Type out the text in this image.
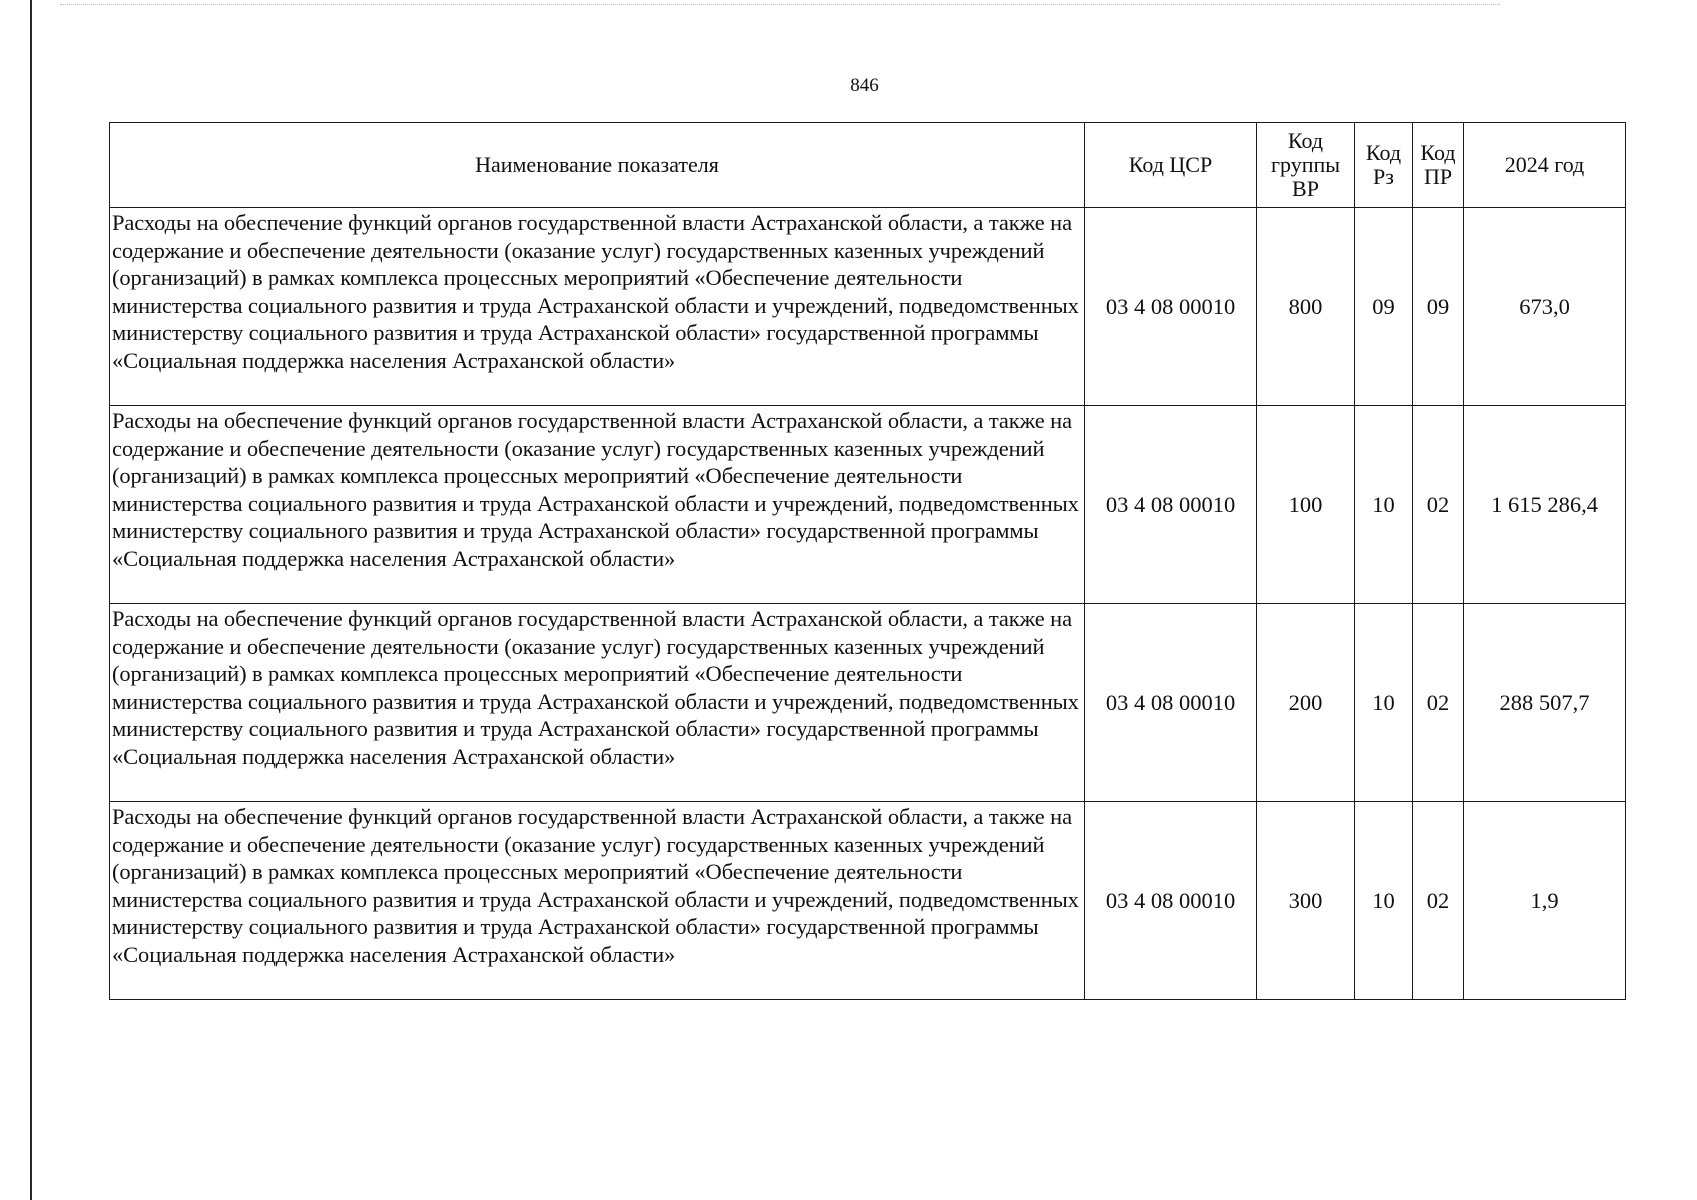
846
Наименование показателя	Код ЦСР	Код группы ВР	Код Рз	Код ПР	2024 год
Расходы на обеспечение функций органов государственной власти Астраханской области, а также на содержание и обеспечение деятельности (оказание услуг) государственных казенных учреждений (организаций) в рамках комплекса процессных мероприятий «Обеспечение деятельности министерства социального развития и труда Астраханской области и учреждений, подведомственных министерству социального развития и труда Астраханской области» государственной программы «Социальная поддержка населения Астраханской области»	03 4 08 00010	800	09	09	673,0
Расходы на обеспечение функций органов государственной власти Астраханской области, а также на содержание и обеспечение деятельности (оказание услуг) государственных казенных учреждений (организаций) в рамках комплекса процессных мероприятий «Обеспечение деятельности министерства социального развития и труда Астраханской области и учреждений, подведомственных министерству социального развития и труда Астраханской области» государственной программы «Социальная поддержка населения Астраханской области»	03 4 08 00010	100	10	02	1 615 286,4
Расходы на обеспечение функций органов государственной власти Астраханской области, а также на содержание и обеспечение деятельности (оказание услуг) государственных казенных учреждений (организаций) в рамках комплекса процессных мероприятий «Обеспечение деятельности министерства социального развития и труда Астраханской области и учреждений, подведомственных министерству социального развития и труда Астраханской области» государственной программы «Социальная поддержка населения Астраханской области»	03 4 08 00010	200	10	02	288 507,7
Расходы на обеспечение функций органов государственной власти Астраханской области, а также на содержание и обеспечение деятельности (оказание услуг) государственных казенных учреждений (организаций) в рамках комплекса процессных мероприятий «Обеспечение деятельности министерства социального развития и труда Астраханской области и учреждений, подведомственных министерству социального развития и труда Астраханской области» государственной программы «Социальная поддержка населения Астраханской области»	03 4 08 00010	300	10	02	1,9
